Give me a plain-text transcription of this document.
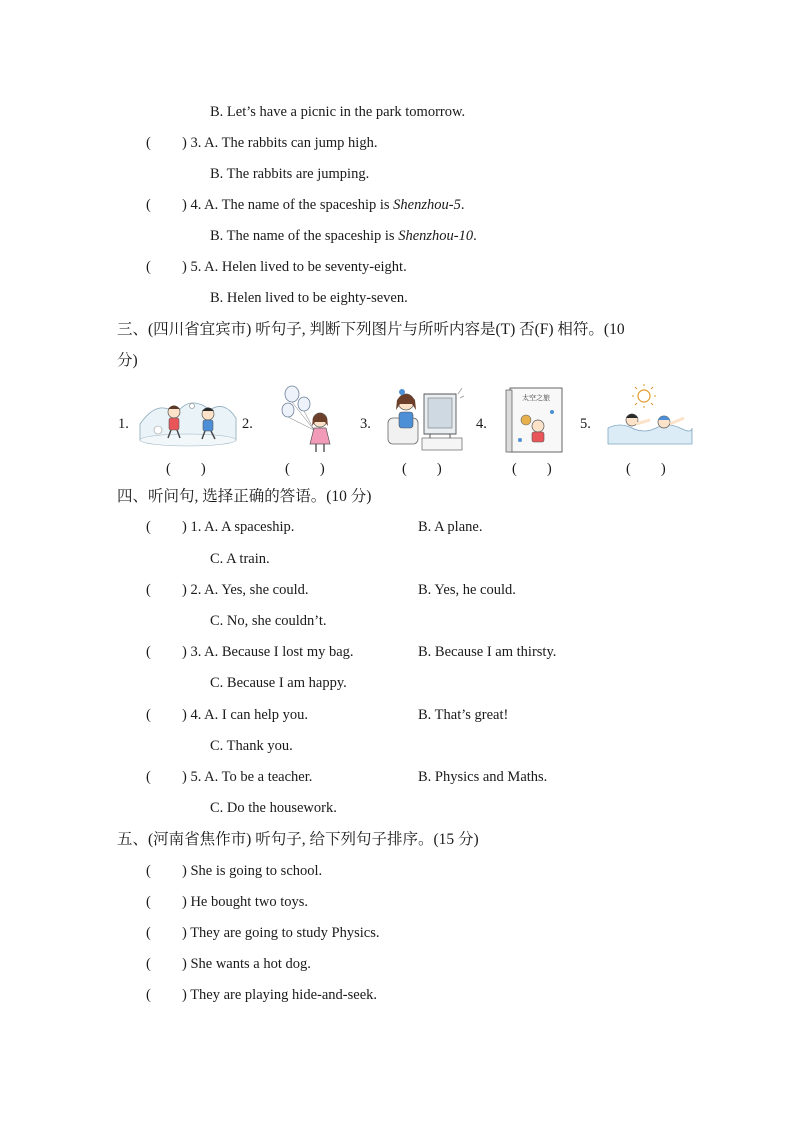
B. Let’s have a picnic in the park tomorrow.
( ) 3. A. The rabbits can jump high.
B. The rabbits are jumping.
( ) 4. A. The name of the spaceship is Shenzhou-5.
B. The name of the spaceship is Shenzhou-10.
( ) 5. A. Helen lived to be seventy-eight.
B. Helen lived to be eighty-seven.
三、(四川省宜宾市) 听句子, 判断下列图片与所听内容是(T) 否(F) 相符。(10
分)
1.	2.	3.	4.	5.
太空之旅
( )	( )	( )	( )	( )
四、听问句, 选择正确的答语。(10 分)
( ) 1. A. A spaceship.	B. A plane.
C. A train.
( ) 2. A. Yes, she could.	B. Yes, he could.
C. No, she couldn’t.
( ) 3. A. Because I lost my bag.	B. Because I am thirsty.
C. Because I am happy.
( ) 4. A. I can help you.	B. That’s great!
C. Thank you.
( ) 5. A. To be a teacher.	B. Physics and Maths.
C. Do the housework.
五、(河南省焦作市) 听句子, 给下列句子排序。(15 分)
( ) She is going to school.
( ) He bought two toys.
( ) They are going to study Physics.
( ) She wants a hot dog.
( ) They are playing hide-and-seek.
